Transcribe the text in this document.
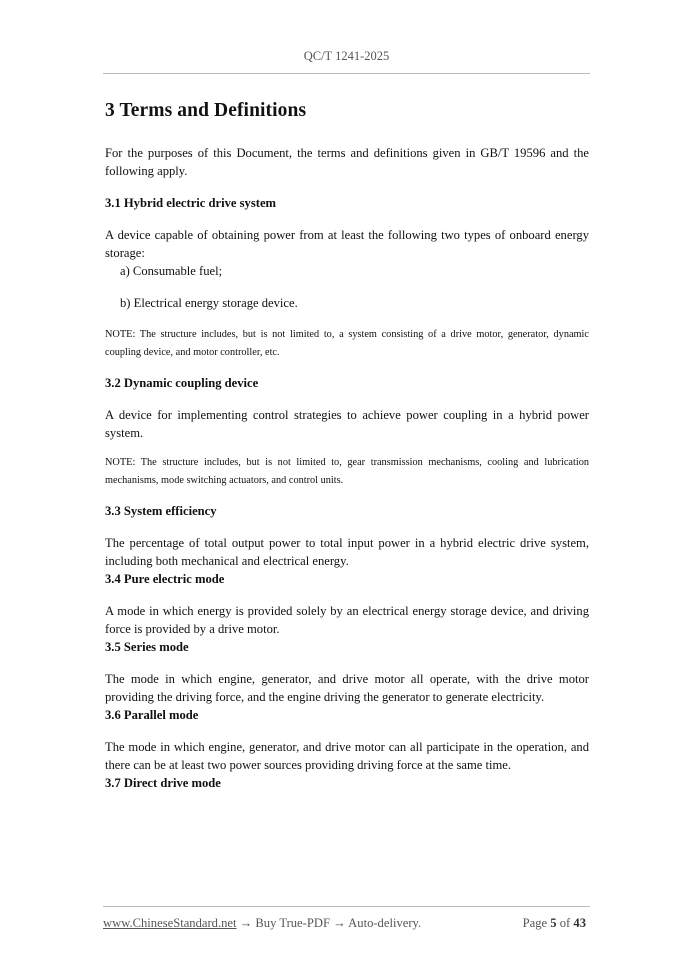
QC/T 1241-2025
3 Terms and Definitions

For the purposes of this Document, the terms and definitions given in GB/T 19596 and the following apply.

3.1 Hybrid electric drive system

A device capable of obtaining power from at least the following two types of onboard energy storage:

a) Consumable fuel;

b) Electrical energy storage device.

NOTE: The structure includes, but is not limited to, a system consisting of a drive motor, generator, dynamic coupling device, and motor controller, etc.

3.2 Dynamic coupling device

A device for implementing control strategies to achieve power coupling in a hybrid power system.

NOTE: The structure includes, but is not limited to, gear transmission mechanisms, cooling and lubrication mechanisms, mode switching actuators, and control units.

3.3 System efficiency

The percentage of total output power to total input power in a hybrid electric drive system, including both mechanical and electrical energy.

3.4 Pure electric mode

A mode in which energy is provided solely by an electrical energy storage device, and driving force is provided by a drive motor.

3.5 Series mode

The mode in which engine, generator, and drive motor all operate, with the drive motor providing the driving force, and the engine driving the generator to generate electricity.

3.6 Parallel mode

The mode in which engine, generator, and drive motor can all participate in the operation, and there can be at least two power sources providing driving force at the same time.

3.7 Direct drive mode
www.ChineseStandard.net → Buy True-PDF → Auto-delivery.	Page 5 of 43
